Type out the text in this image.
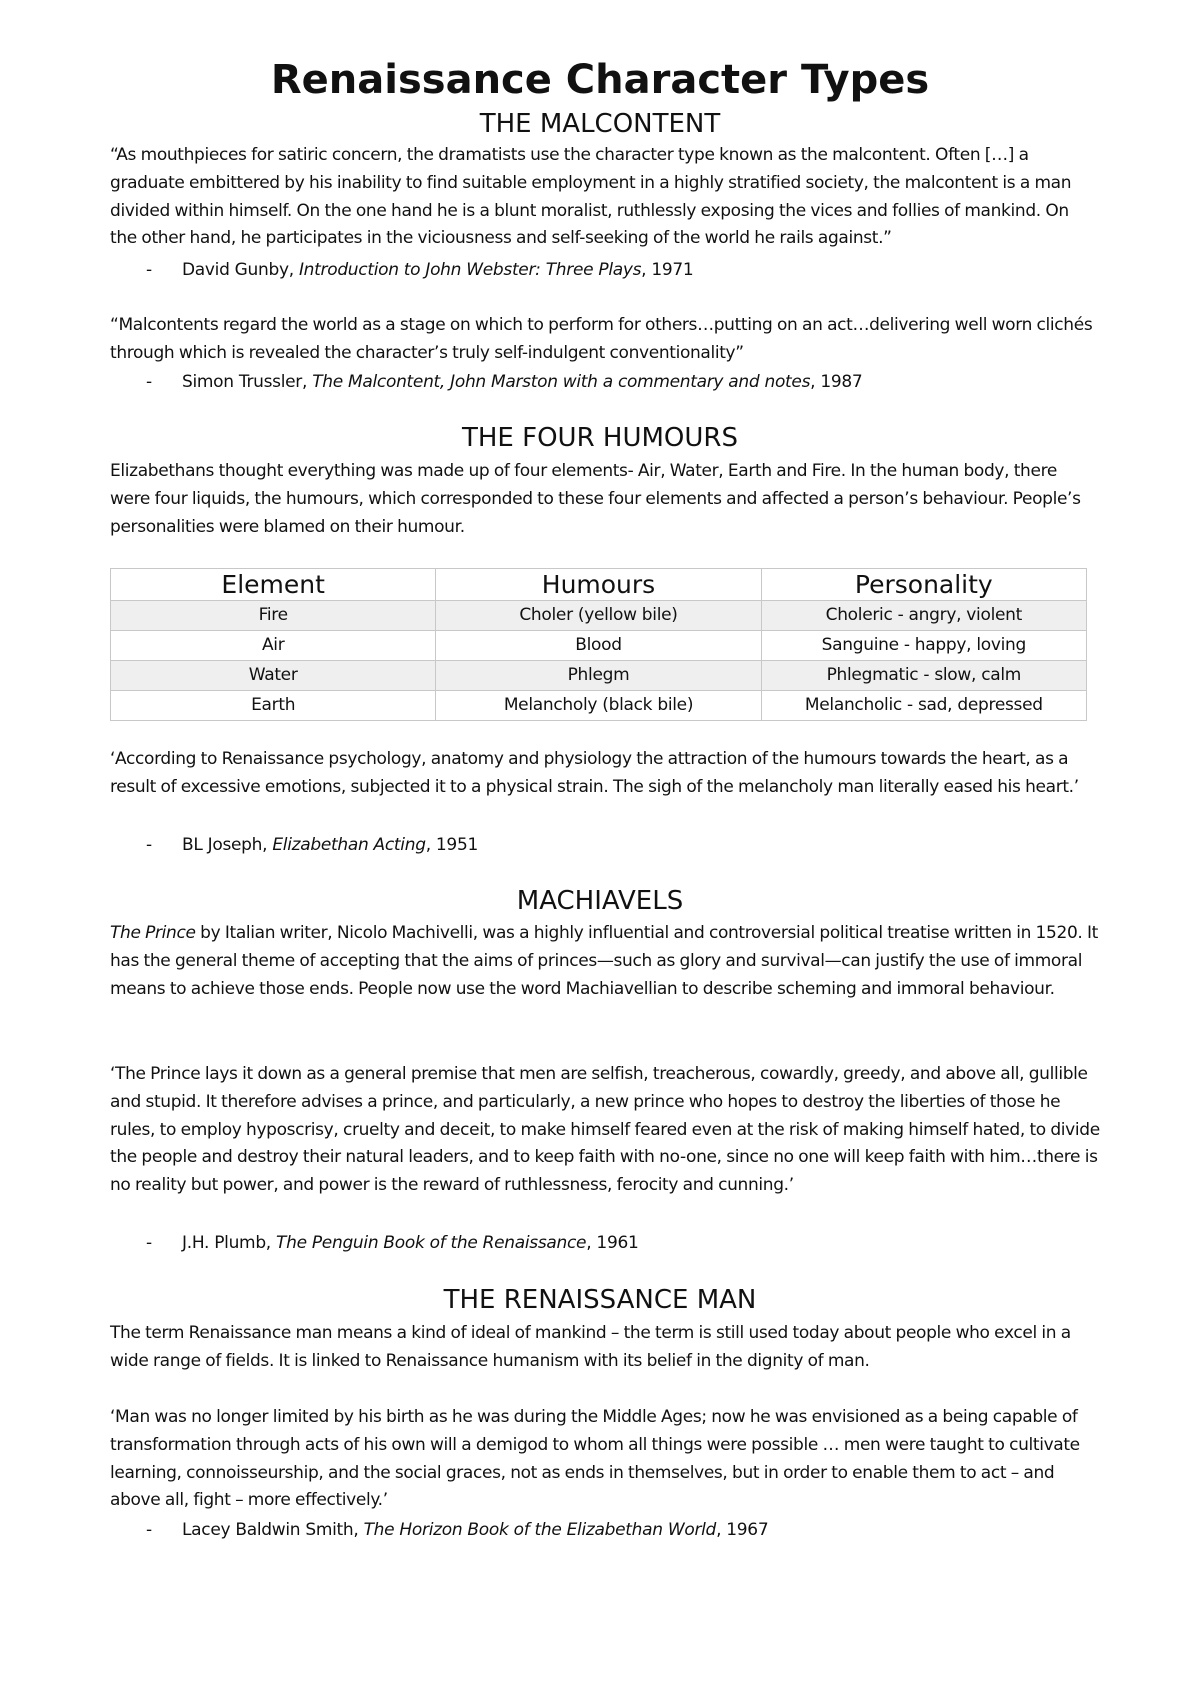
Renaissance Character Types
THE MALCONTENT

“As mouthpieces for satiric concern, the dramatists use the character type known as the malcontent. Often […] a graduate embittered by his inability to find suitable employment in a highly stratified society, the malcontent is a man divided within himself. On the one hand he is a blunt moralist, ruthlessly exposing the vices and follies of mankind. On the other hand, he participates in the viciousness and self-seeking of the world he rails against.”

- David Gunby, Introduction to John Webster: Three Plays, 1971

“Malcontents regard the world as a stage on which to perform for others…putting on an act…delivering well worn clichés through which is revealed the character’s truly self-indulgent conventionality”

- Simon Trussler, The Malcontent, John Marston with a commentary and notes, 1987

THE FOUR HUMOURS

Elizabethans thought everything was made up of four elements- Air, Water, Earth and Fire. In the human body, there were four liquids, the humours, which corresponded to these four elements and affected a person’s behaviour. People’s personalities were blamed on their humour.

Element	Humours	Personality
Fire	Choler (yellow bile)	Choleric - angry, violent
Air	Blood	Sanguine - happy, loving
Water	Phlegm	Phlegmatic - slow, calm
Earth	Melancholy (black bile)	Melancholic - sad, depressed

‘According to Renaissance psychology, anatomy and physiology the attraction of the humours towards the heart, as a result of excessive emotions, subjected it to a physical strain. The sigh of the melancholy man literally eased his heart.’

- BL Joseph, Elizabethan Acting, 1951

MACHIAVELS

The Prince by Italian writer, Nicolo Machivelli, was a highly influential and controversial political treatise written in 1520. It has the general theme of accepting that the aims of princes—such as glory and survival—can justify the use of immoral means to achieve those ends. People now use the word Machiavellian to describe scheming and immoral behaviour.

‘The Prince lays it down as a general premise that men are selfish, treacherous, cowardly, greedy, and above all, gullible and stupid. It therefore advises a prince, and particularly, a new prince who hopes to destroy the liberties of those he rules, to employ hyposcrisy, cruelty and deceit, to make himself feared even at the risk of making himself hated, to divide the people and destroy their natural leaders, and to keep faith with no-one, since no one will keep faith with him…there is no reality but power, and power is the reward of ruthlessness, ferocity and cunning.’

- J.H. Plumb, The Penguin Book of the Renaissance, 1961

THE RENAISSANCE MAN

The term Renaissance man means a kind of ideal of mankind – the term is still used today about people who excel in a wide range of fields. It is linked to Renaissance humanism with its belief in the dignity of man.

‘Man was no longer limited by his birth as he was during the Middle Ages; now he was envisioned as a being capable of transformation through acts of his own will a demigod to whom all things were possible … men were taught to cultivate learning, connoisseurship, and the social graces, not as ends in themselves, but in order to enable them to act – and above all, fight – more effectively.’

- Lacey Baldwin Smith, The Horizon Book of the Elizabethan World, 1967
